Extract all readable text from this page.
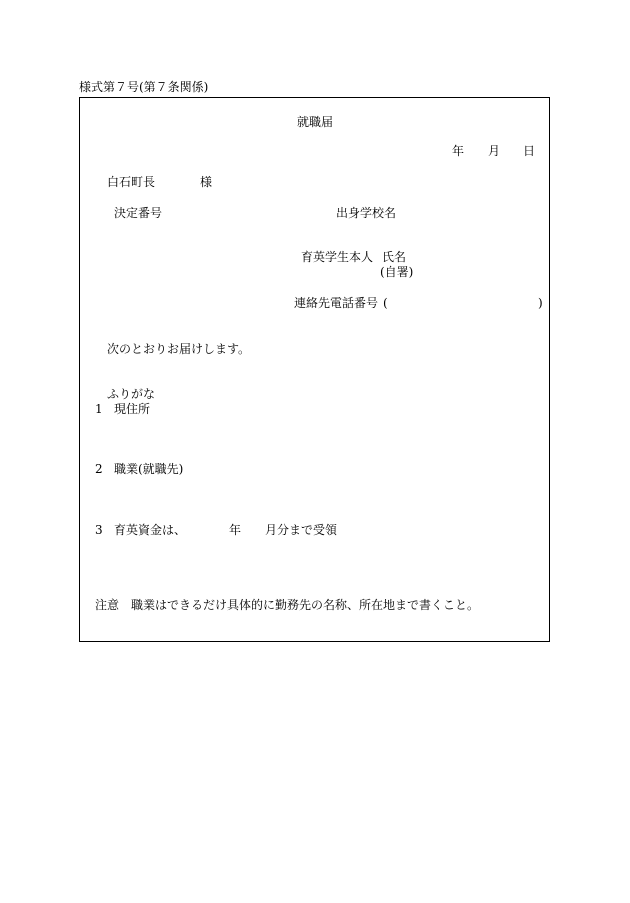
様式第７号(第７条関係)
就職届
年 月 日
白石町長	様
決定番号	出身学校名
育英学生本人 氏名
(自署)
連絡先電話番号 (	)
次のとおりお届けします。
ふりがな
1 現住所
2 職業(就職先)
3 育英資金は、	年 月分まで受領
注意　職業はできるだけ具体的に勤務先の名称、所在地まで書くこと。
